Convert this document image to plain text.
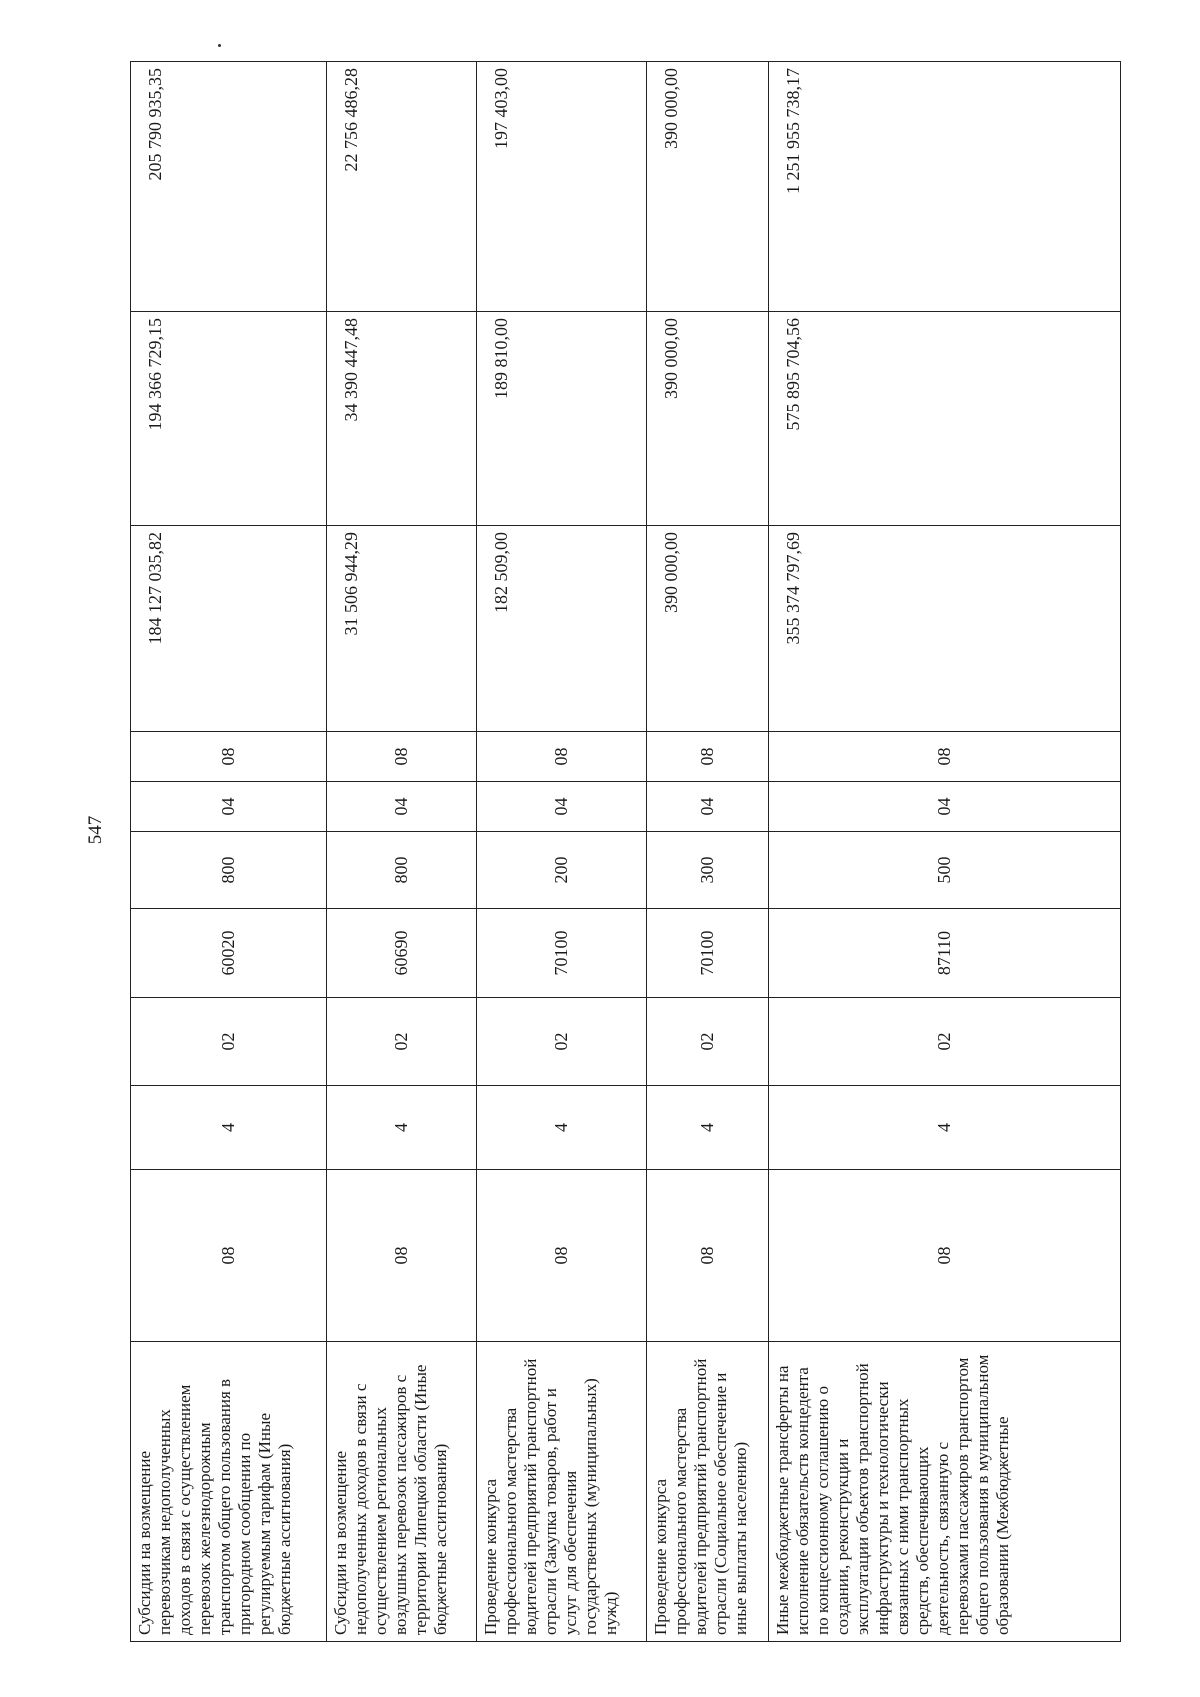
547
Субсидии на возмещение перевозчикам недополученных доходов в связи с осуществлением перевозок железнодорожным транспортом общего пользования в пригородном сообщении по регулируемым тарифам (Иные бюджетные ассигнования)	08	4	02	60020	800	04	08	184 127 035,82	194 366 729,15	205 790 935,35
Субсидии на возмещение недополученных доходов в связи с осуществлением региональных воздушных перевозок пассажиров с территории Липецкой области (Иные бюджетные ассигнования)	08	4	02	60690	800	04	08	31 506 944,29	34 390 447,48	22 756 486,28
Проведение конкурса профессионального мастерства водителей предприятий транспортной отрасли (Закупка товаров, работ и услуг для обеспечения государственных (муниципальных) нужд)	08	4	02	70100	200	04	08	182 509,00	189 810,00	197 403,00
Проведение конкурса профессионального мастерства водителей предприятий транспортной отрасли (Социальное обеспечение и иные выплаты населению)	08	4	02	70100	300	04	08	390 000,00	390 000,00	390 000,00
Иные межбюджетные трансферты на исполнение обязательств концедента по концессионному соглашению о создании, реконструкции и эксплуатации объектов транспортной инфраструктуры и технологически связанных с ними транспортных средств, обеспечивающих деятельность, связанную с перевозками пассажиров транспортом общего пользования в муниципальном образовании (Межбюджетные	08	4	02	87110	500	04	08	355 374 797,69	575 895 704,56	1 251 955 738,17
